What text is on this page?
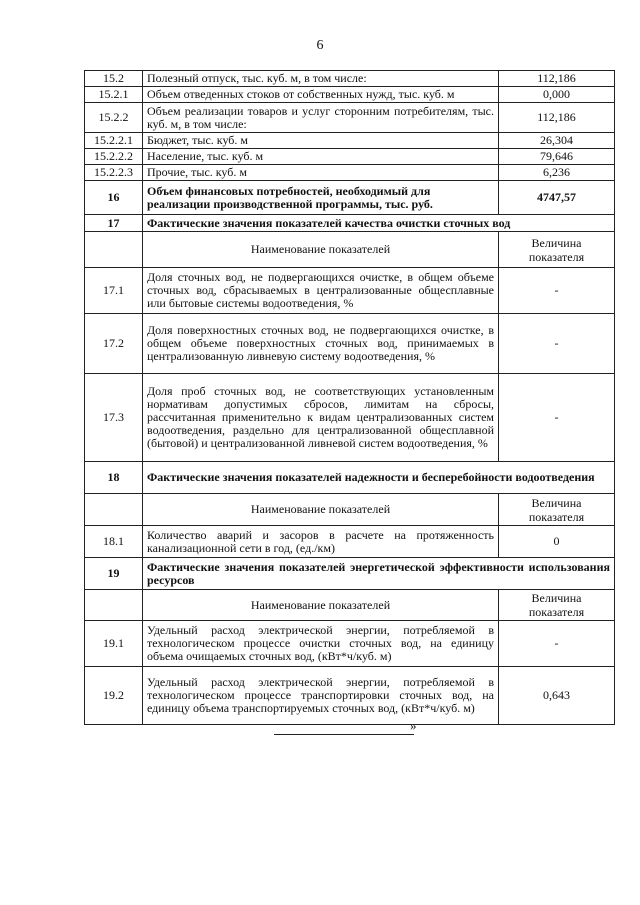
6
15.2	Полезный отпуск, тыс. куб. м, в том числе:	112,186
15.2.1	Объем отведенных стоков от собственных нужд, тыс. куб. м	0,000
15.2.2	Объем реализации товаров и услуг сторонним потребителям, тыс. куб. м, в том числе:	112,186
15.2.2.1	Бюджет, тыс. куб. м	26,304
15.2.2.2	Население, тыс. куб. м	79,646
15.2.2.3	Прочие, тыс. куб. м	6,236
16	Объем финансовых потребностей, необходимый для реализации производственной программы, тыс. руб.	4747,57
17	Фактические значения показателей качества очистки сточных вод	
	Наименование показателей	Величина показателя
17.1	Доля сточных вод, не подвергающихся очистке, в общем объеме сточных вод, сбрасываемых в централизованные общесплавные или бытовые системы водоотведения, %	-
17.2	Доля поверхностных сточных вод, не подвергающихся очистке, в общем объеме поверхностных сточных вод, принимаемых в централизованную ливневую систему водоотведения, %	-
17.3	Доля проб сточных вод, не соответствующих установленным нормативам допустимых сбросов, лимитам на сбросы, рассчитанная применительно к видам централизованных систем водоотведения, раздельно для централизованной общесплавной (бытовой) и централизованной ливневой систем водоотведения, %	-
18	Фактические значения показателей надежности и бесперебойности водоотведения	
	Наименование показателей	Величина показателя
18.1	Количество аварий и засоров в расчете на протяженность канализационной сети в год, (ед./км)	0
19	Фактические значения показателей энергетической эффективности использования ресурсов	
	Наименование показателей	Величина показателя
19.1	Удельный расход электрической энергии, потребляемой в технологическом процессе очистки сточных вод, на единицу объема очищаемых сточных вод, (кВт*ч/куб. м)	-
19.2	Удельный расход электрической энергии, потребляемой в технологическом процессе транспортировки сточных вод, на единицу объема транспортируемых сточных вод, (кВт*ч/куб. м)	0,643
»
